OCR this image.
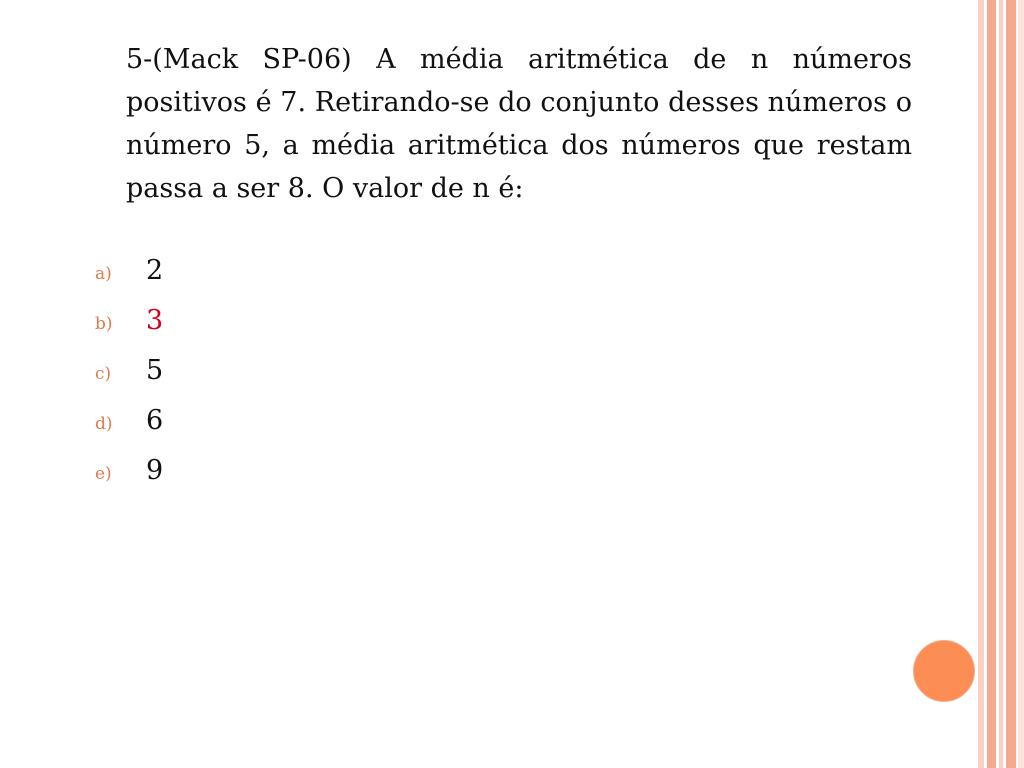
5-(Mack SP-06) A média aritmética de n números positivos é 7. Retirando-se do conjunto desses números o número 5, a média aritmética dos números que restam passa a ser 8. O valor de n é:

a)	2
b)	3
c)	5
d)	6
e)	9
